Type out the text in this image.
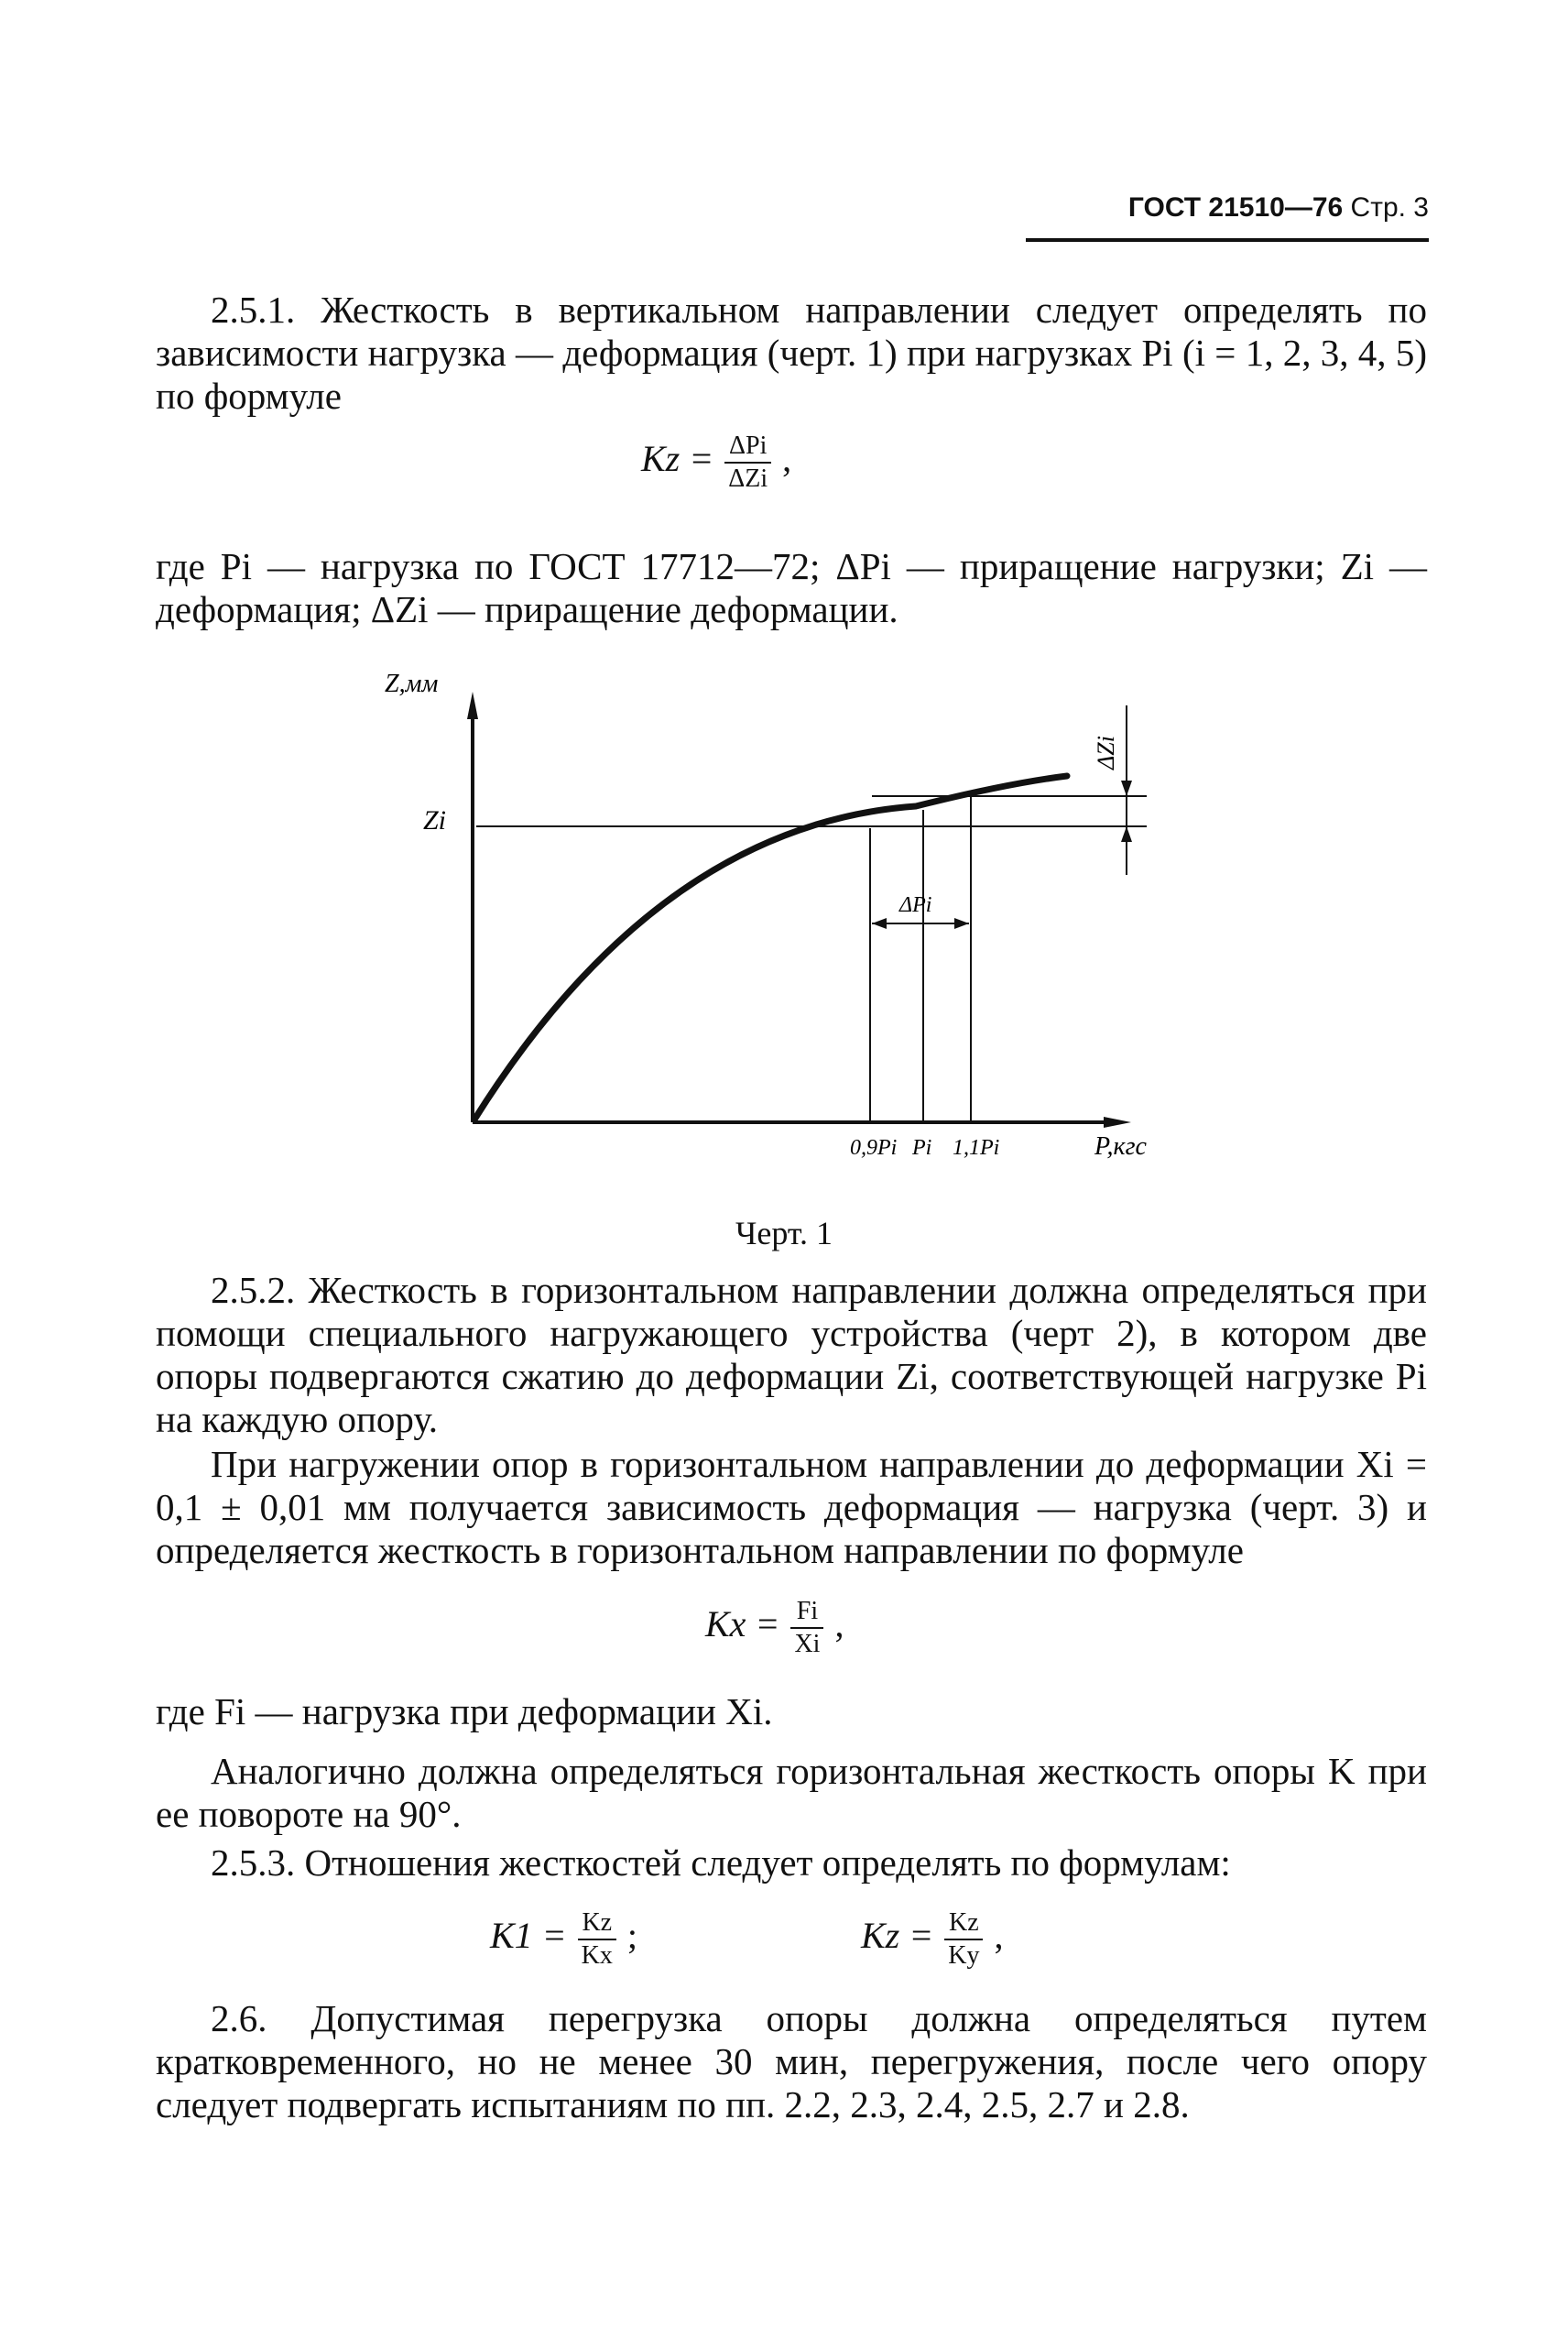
ГОСТ 21510—76 Стр. 3

2.5.1. Жесткость в вертикальном направлении следует определять по зависимости нагрузка — деформация (черт. 1) при нагрузках Pi (i = 1, 2, 3, 4, 5) по формуле

$Kz = \frac{\text{ΔPi}}{\text{ΔZi}}$ ,

где Pi — нагрузка по ГОСТ 17712—72; ΔPi — приращение нагрузки; Zi — деформация; ΔZi — приращение деформации.

Z,мм
Zi
ΔZi
ΔPi
0,9Pi Pi 1,1Pi	P,кгс
Черт. 1

2.5.2. Жесткость в горизонтальном направлении должна определяться при помощи специального нагружающего устройства (черт 2), в котором две опоры подвергаются сжатию до деформации Zi, соответствующей нагрузке Pi на каждую опору.

При нагружении опор в горизонтальном направлении до деформации Xi = 0,1 ± 0,01 мм получается зависимость деформация — нагрузка (черт. 3) и определяется жесткость в горизонтальном направлении по формуле

$Kx = \frac{Fi}{Xi}$ ,

где Fi — нагрузка при деформации Xi.

Аналогично должна определяться горизонтальная жесткость опоры K при ее повороте на 90°.

2.5.3. Отношения жесткостей следует определять по формулам:

$K1 = \frac{Kz}{Kx}$ ;	$Kz = \frac{Kz}{Ky}$ ,

2.6. Допустимая перегрузка опоры должна определяться путем кратковременного, но не менее 30 мин, перегружения, после чего опору следует подвергать испытаниям по пп. 2.2, 2.3, 2.4, 2.5, 2.7 и 2.8.
